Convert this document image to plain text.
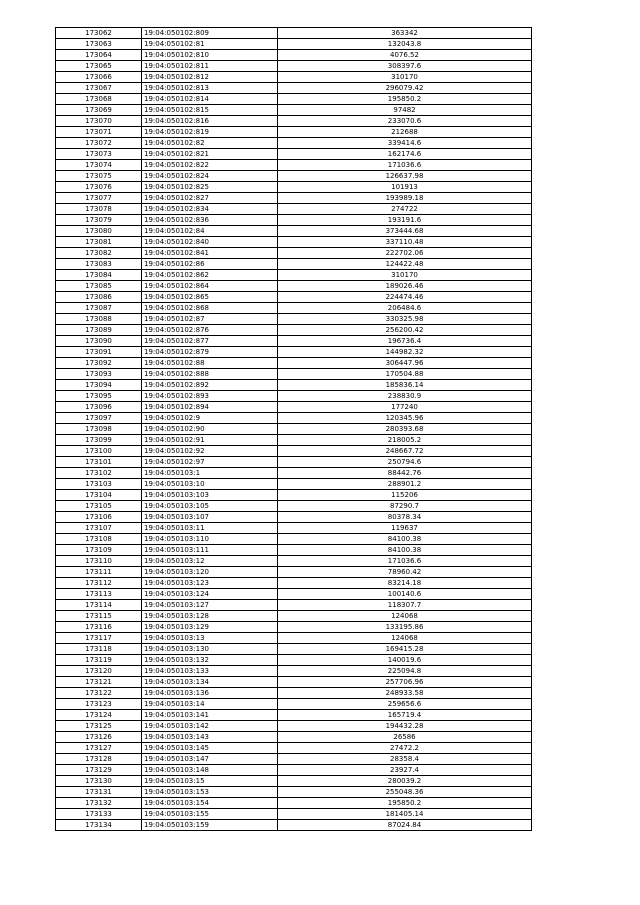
173062	19:04:050102:809	363342
173063	19:04:050102:81	132043.8
173064	19:04:050102:810	4076.52
173065	19:04:050102:811	308397.6
173066	19:04:050102:812	310170
173067	19:04:050102:813	296079.42
173068	19:04:050102:814	195850.2
173069	19:04:050102:815	97482
173070	19:04:050102:816	233070.6
173071	19:04:050102:819	212688
173072	19:04:050102:82	339414.6
173073	19:04:050102:821	162174.6
173074	19:04:050102:822	171036.6
173075	19:04:050102:824	126637.98
173076	19:04:050102:825	101913
173077	19:04:050102:827	193989.18
173078	19:04:050102:834	274722
173079	19:04:050102:836	193191.6
173080	19:04:050102:84	373444.68
173081	19:04:050102:840	337110.48
173082	19:04:050102:841	222702.06
173083	19:04:050102:86	124422.48
173084	19:04:050102:862	310170
173085	19:04:050102:864	189026.46
173086	19:04:050102:865	224474.46
173087	19:04:050102:868	206484.6
173088	19:04:050102:87	330325.98
173089	19:04:050102:876	256200.42
173090	19:04:050102:877	196736.4
173091	19:04:050102:879	144982.32
173092	19:04:050102:88	306447.96
173093	19:04:050102:888	170504.88
173094	19:04:050102:892	185836.14
173095	19:04:050102:893	238830.9
173096	19:04:050102:894	177240
173097	19:04:050102:9	120345.96
173098	19:04:050102:90	280393.68
173099	19:04:050102:91	218005.2
173100	19:04:050102:92	248667.72
173101	19:04:050102:97	250794.6
173102	19:04:050103:1	88442.76
173103	19:04:050103:10	288901.2
173104	19:04:050103:103	115206
173105	19:04:050103:105	87290.7
173106	19:04:050103:107	80378.34
173107	19:04:050103:11	119637
173108	19:04:050103:110	84100.38
173109	19:04:050103:111	84100.38
173110	19:04:050103:12	171036.6
173111	19:04:050103:120	78960.42
173112	19:04:050103:123	83214.18
173113	19:04:050103:124	100140.6
173114	19:04:050103:127	118307.7
173115	19:04:050103:128	124068
173116	19:04:050103:129	133195.86
173117	19:04:050103:13	124068
173118	19:04:050103:130	169415.28
173119	19:04:050103:132	140019.6
173120	19:04:050103:133	225094.8
173121	19:04:050103:134	257706.96
173122	19:04:050103:136	248933.58
173123	19:04:050103:14	259656.6
173124	19:04:050103:141	165719.4
173125	19:04:050103:142	194432.28
173126	19:04:050103:143	26586
173127	19:04:050103:145	27472.2
173128	19:04:050103:147	28358.4
173129	19:04:050103:148	23927.4
173130	19:04:050103:15	280039.2
173131	19:04:050103:153	255048.36
173132	19:04:050103:154	195850.2
173133	19:04:050103:155	181405.14
173134	19:04:050103:159	87024.84
